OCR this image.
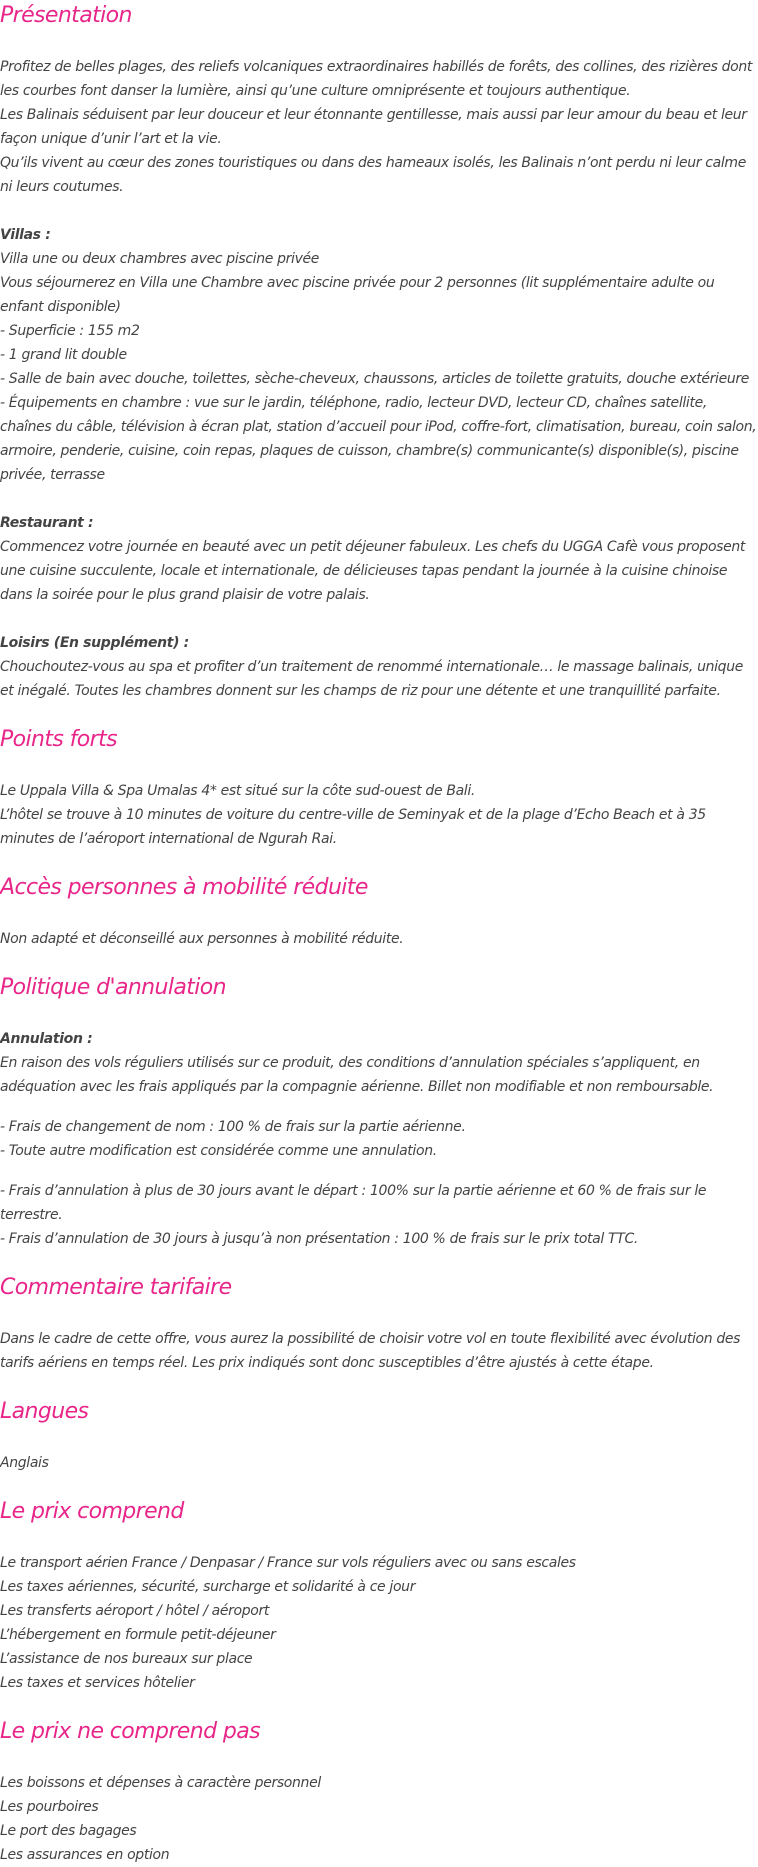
Présentation

Profitez de belles plages, des reliefs volcaniques extraordinaires habillés de forêts, des collines, des rizières dont les courbes font danser la lumière, ainsi qu’une culture omniprésente et toujours authentique.

Les Balinais séduisent par leur douceur et leur étonnante gentillesse, mais aussi par leur amour du beau et leur façon unique d’unir l’art et la vie.

Qu’ils vivent au cœur des zones touristiques ou dans des hameaux isolés, les Balinais n’ont perdu ni leur calme ni leurs coutumes.

Villas :

Villa une ou deux chambres avec piscine privée

Vous séjournerez en Villa une Chambre avec piscine privée pour 2 personnes (lit supplémentaire adulte ou enfant disponible)

- Superficie : 155 m2

- 1 grand lit double

- Salle de bain avec douche, toilettes, sèche-cheveux, chaussons, articles de toilette gratuits, douche extérieure

- Équipements en chambre : vue sur le jardin, téléphone, radio, lecteur DVD, lecteur CD, chaînes satellite, chaînes du câble, télévision à écran plat, station d’accueil pour iPod, coffre-fort, climatisation, bureau, coin salon, armoire, penderie, cuisine, coin repas, plaques de cuisson, chambre(s) communicante(s) disponible(s), piscine privée, terrasse

Restaurant :

Commencez votre journée en beauté avec un petit déjeuner fabuleux. Les chefs du UGGA Cafè vous proposent une cuisine succulente, locale et internationale, de délicieuses tapas pendant la journée à la cuisine chinoise dans la soirée pour le plus grand plaisir de votre palais.

Loisirs (En supplément) :

Chouchoutez-vous au spa et profiter d’un traitement de renommé internationale… le massage balinais, unique et inégalé. Toutes les chambres donnent sur les champs de riz pour une détente et une tranquillité parfaite.

Points forts

Le Uppala Villa & Spa Umalas 4* est situé sur la côte sud-ouest de Bali.

L’hôtel se trouve à 10 minutes de voiture du centre-ville de Seminyak et de la plage d’Echo Beach et à 35 minutes de l’aéroport international de Ngurah Rai.

Accès personnes à mobilité réduite

Non adapté et déconseillé aux personnes à mobilité réduite.

Politique d'annulation

Annulation :

En raison des vols réguliers utilisés sur ce produit, des conditions d’annulation spéciales s’appliquent, en adéquation avec les frais appliqués par la compagnie aérienne. Billet non modifiable et non remboursable.

- Frais de changement de nom : 100 % de frais sur la partie aérienne.

- Toute autre modification est considérée comme une annulation.

- Frais d’annulation à plus de 30 jours avant le départ : 100% sur la partie aérienne et 60 % de frais sur le terrestre.

- Frais d’annulation de 30 jours à jusqu’à non présentation : 100 % de frais sur le prix total TTC.

Commentaire tarifaire

Dans le cadre de cette offre, vous aurez la possibilité de choisir votre vol en toute flexibilité avec évolution des tarifs aériens en temps réel. Les prix indiqués sont donc susceptibles d’être ajustés à cette étape.

Langues

Anglais

Le prix comprend

Le transport aérien France / Denpasar / France sur vols réguliers avec ou sans escales

Les taxes aériennes, sécurité, surcharge et solidarité à ce jour

Les transferts aéroport / hôtel / aéroport

L’hébergement en formule petit-déjeuner

L’assistance de nos bureaux sur place

Les taxes et services hôtelier

Le prix ne comprend pas

Les boissons et dépenses à caractère personnel

Les pourboires

Le port des bagages

Les assurances en option
